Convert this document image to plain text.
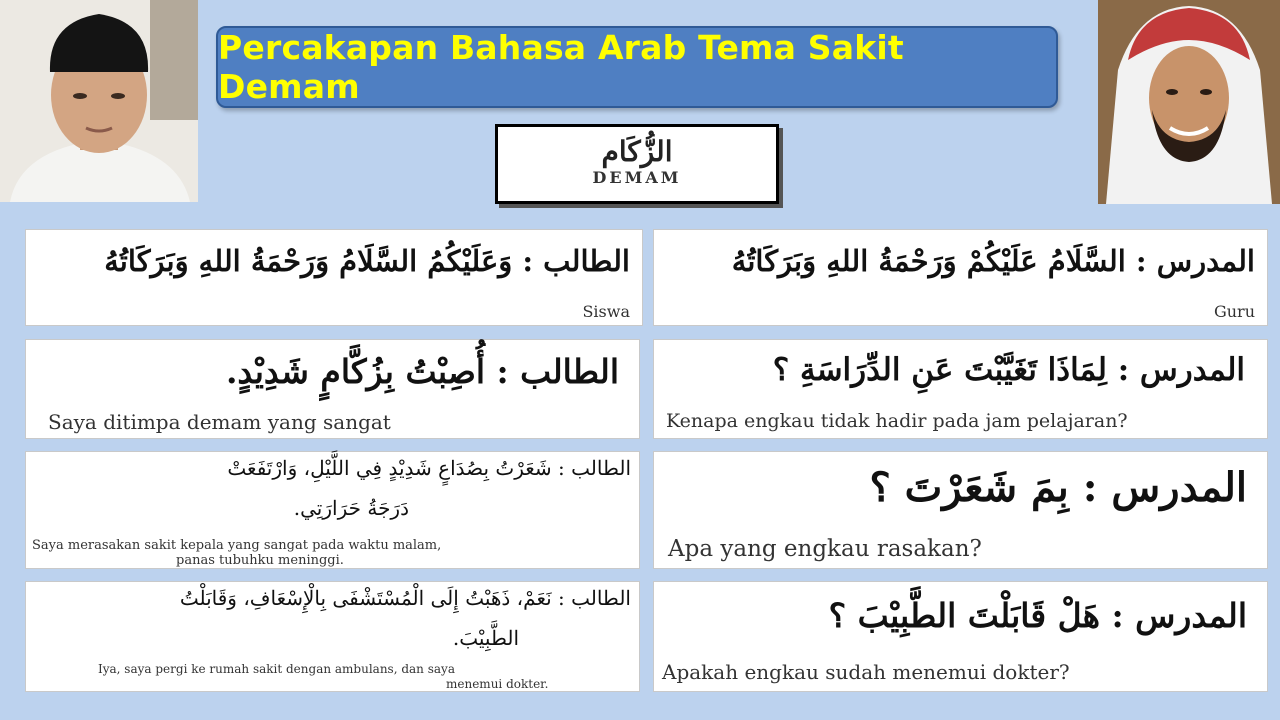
Percakapan Bahasa Arab Tema Sakit Demam
الزُّكَام
DEMAM
الطالب : وَعَلَيْكُمُ السَّلَامُ وَرَحْمَةُ اللهِ وَبَرَكَاتُهُ
Siswa
المدرس : السَّلَامُ عَلَيْكُمْ وَرَحْمَةُ اللهِ وَبَرَكَاتُهُ
Guru
الطالب : أُصِبْتُ بِزُكَّامٍ شَدِيْدٍ.
Saya ditimpa demam yang sangat
المدرس : لِمَاذَا تَغَيَّبْتَ عَنِ الدِّرَاسَةِ ؟
Kenapa engkau tidak hadir pada jam pelajaran?
الطالب : شَعَرْتُ بِصُدَاعٍ شَدِيْدٍ فِي اللَّيْلِ، وَارْتَفَعَتْ
دَرَجَةُ حَرَارَتِي.
Saya merasakan sakit kepala yang sangat pada waktu malam,
panas tubuhku meninggi.
المدرس : بِمَ شَعَرْتَ ؟
Apa yang engkau rasakan?
الطالب : نَعَمْ، ذَهَبْتُ إِلَى الْمُسْتَشْفَى بِالْإِسْعَافِ، وَقَابَلْتُ
الطَّبِيْبَ.
Iya, saya pergi ke rumah sakit dengan ambulans, dan saya
menemui dokter.
المدرس : هَلْ قَابَلْتَ الطَّبِيْبَ ؟
Apakah engkau sudah menemui dokter?
